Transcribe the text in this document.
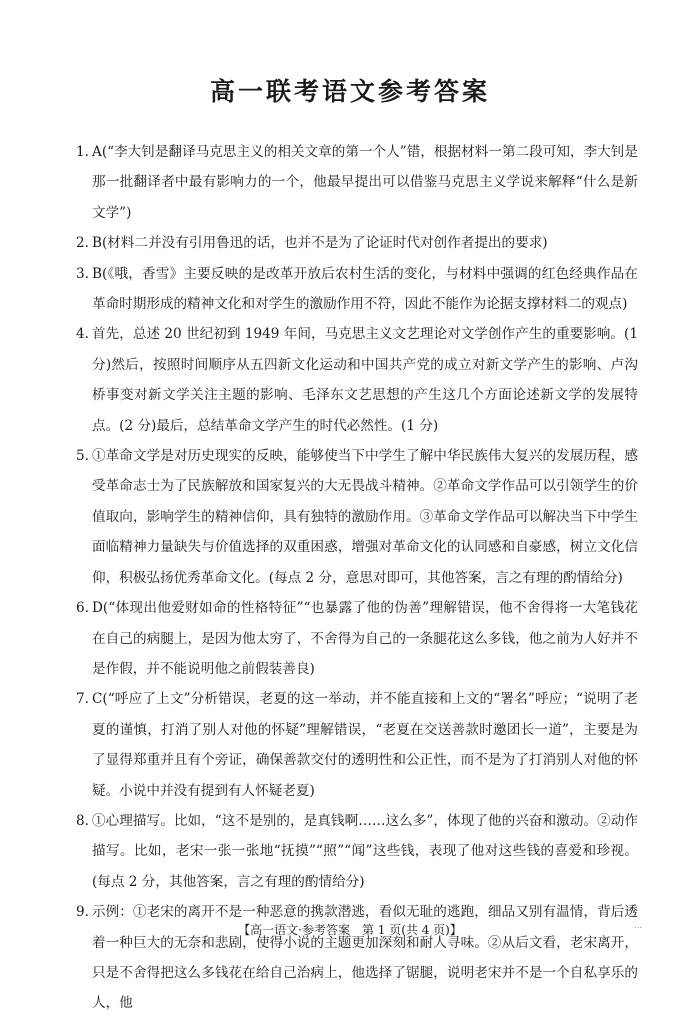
高一联考语文参考答案
1. A(“李大钊是翻译马克思主义的相关文章的第一个人”错，根据材料一第二段可知，李大钊是那一批翻译者中最有影响力的一个，他最早提出可以借鉴马克思主义学说来解释“什么是新文学”)
2. B(材料二并没有引用鲁迅的话，也并不是为了论证时代对创作者提出的要求)
3. B(《哦，香雪》主要反映的是改革开放后农村生活的变化，与材料中强调的红色经典作品在革命时期形成的精神文化和对学生的激励作用不符，因此不能作为论据支撑材料二的观点)
4. 首先，总述 20 世纪初到 1949 年间，马克思主义文艺理论对文学创作产生的重要影响。(1 分)然后，按照时间顺序从五四新文化运动和中国共产党的成立对新文学产生的影响、卢沟桥事变对新文学关注主题的影响、毛泽东文艺思想的产生这几个方面论述新文学的发展特点。(2 分)最后，总结革命文学产生的时代必然性。(1 分)
5. ①革命文学是对历史现实的反映，能够使当下中学生了解中华民族伟大复兴的发展历程，感受革命志士为了民族解放和国家复兴的大无畏战斗精神。②革命文学作品可以引领学生的价值取向，影响学生的精神信仰，具有独特的激励作用。③革命文学作品可以解决当下中学生面临精神力量缺失与价值选择的双重困惑，增强对革命文化的认同感和自豪感，树立文化信仰，积极弘扬优秀革命文化。(每点 2 分，意思对即可，其他答案，言之有理的酌情给分)
6. D(“体现出他爱财如命的性格特征”“也暴露了他的伪善”理解错误，他不舍得将一大笔钱花在自己的病腿上，是因为他太穷了，不舍得为自己的一条腿花这么多钱，他之前为人好并不是作假，并不能说明他之前假装善良)
7. C(“呼应了上文”分析错误，老夏的这一举动，并不能直接和上文的“署名”呼应；“说明了老夏的谨慎，打消了别人对他的怀疑”理解错误，“老夏在交送善款时邀团长一道”，主要是为了显得郑重并且有个旁证，确保善款交付的透明性和公正性，而不是为了打消别人对他的怀疑。小说中并没有提到有人怀疑老夏)
8. ①心理描写。比如，“这不是别的，是真钱啊……这么多”，体现了他的兴奋和激动。②动作描写。比如，老宋一张一张地“抚摸”“照”“闻”这些钱，表现了他对这些钱的喜爱和珍视。(每点 2 分，其他答案，言之有理的酌情给分)
9. 示例：①老宋的离开不是一种恶意的携款潜逃，看似无耻的逃跑，细品又别有温情，背后透着一种巨大的无奈和悲剧，使得小说的主题更加深刻和耐人寻味。②从后文看，老宋离开，只是不舍得把这么多钱花在给自己治病上，他选择了锯腿，说明老宋并不是一个自私享乐的人，他
【高一语文·参考答案　第 1 页(共 4 页)】	...
